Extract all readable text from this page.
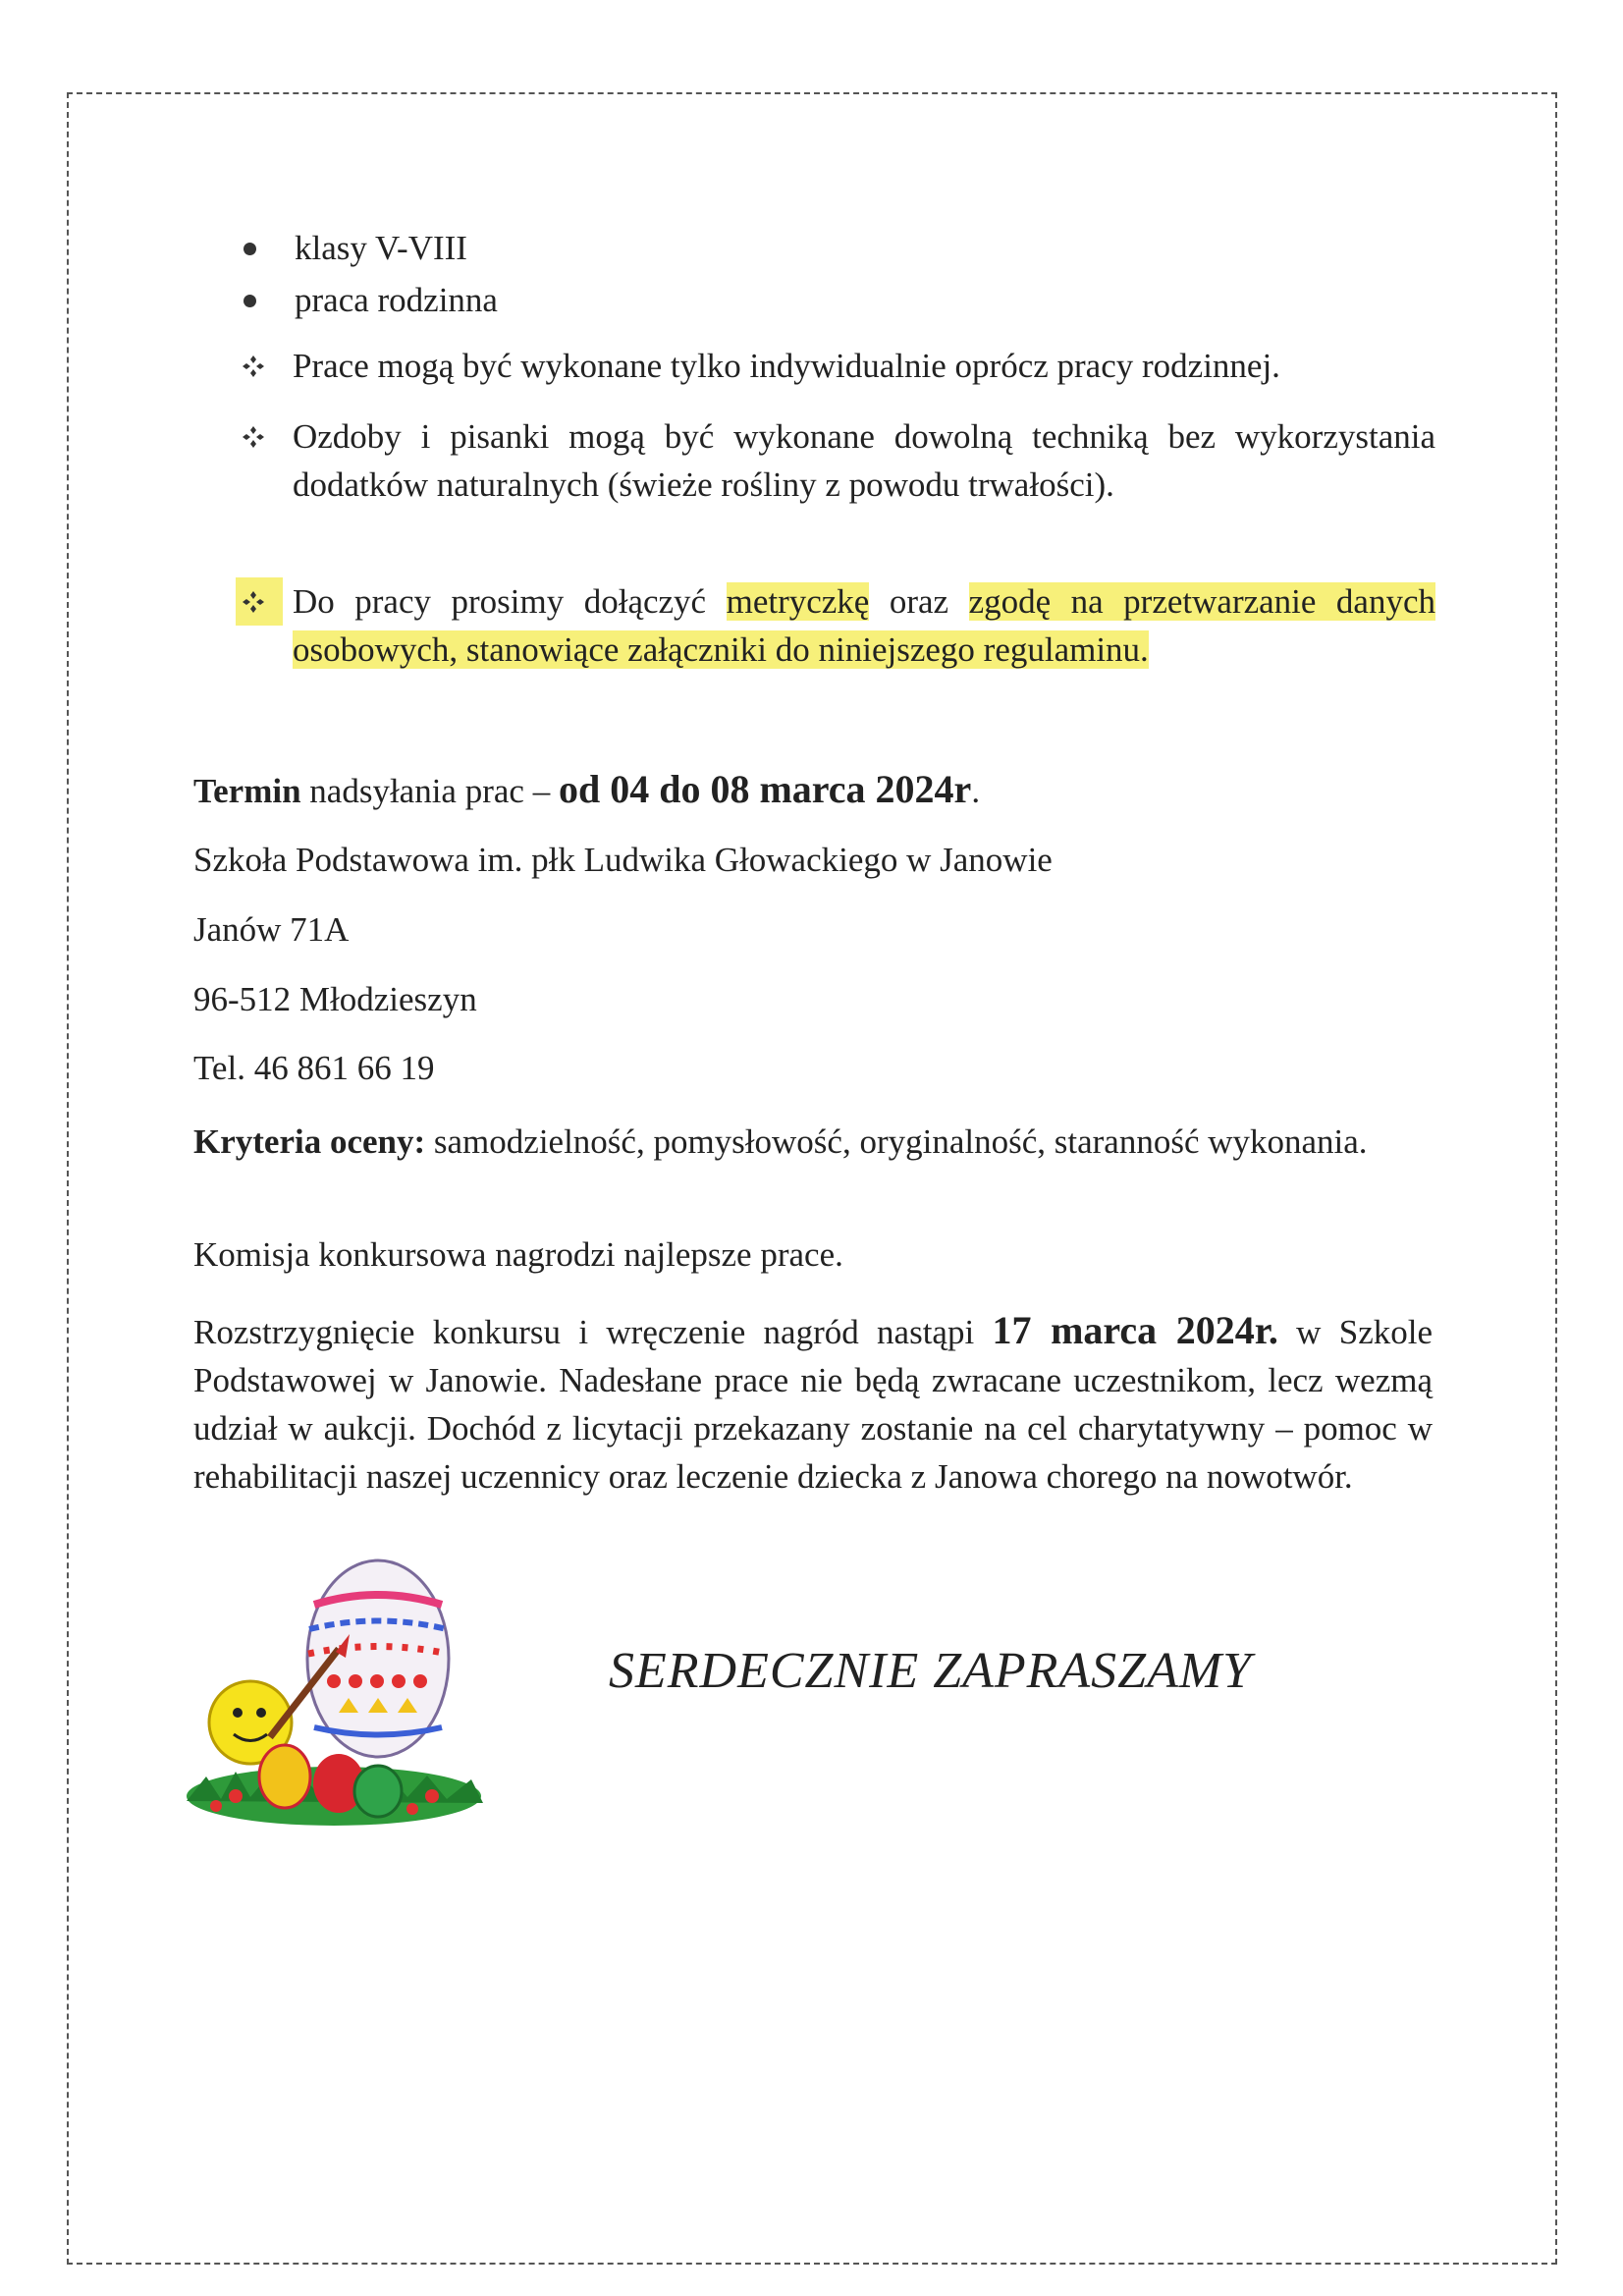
klasy V-VIII
praca rodzinna
Prace mogą być wykonane tylko indywidualnie oprócz pracy rodzinnej.
Ozdoby i pisanki mogą być wykonane dowolną techniką bez wykorzystania dodatków naturalnych (świeże rośliny z powodu trwałości).
Do pracy prosimy dołączyć metryczkę oraz zgodę na przetwarzanie danych osobowych, stanowiące załączniki do niniejszego regulaminu.
Termin nadsyłania prac – od 04 do 08 marca 2024r.
Szkoła Podstawowa im. płk Ludwika Głowackiego w Janowie
Janów 71A
96-512 Młodzieszyn
Tel. 46 861 66 19
Kryteria oceny: samodzielność, pomysłowość, oryginalność, staranność wykonania.
Komisja konkursowa nagrodzi najlepsze prace.
Rozstrzygnięcie konkursu i wręczenie nagród nastąpi 17 marca 2024r. w Szkole Podstawowej w Janowie. Nadesłane prace nie będą zwracane uczestnikom, lecz wezmą udział w aukcji. Dochód z licytacji przekazany zostanie na cel charytatywny – pomoc w rehabilitacji naszej uczennicy oraz leczenie dziecka z Janowa chorego na nowotwór.
SERDECZNIE ZAPRASZAMY
